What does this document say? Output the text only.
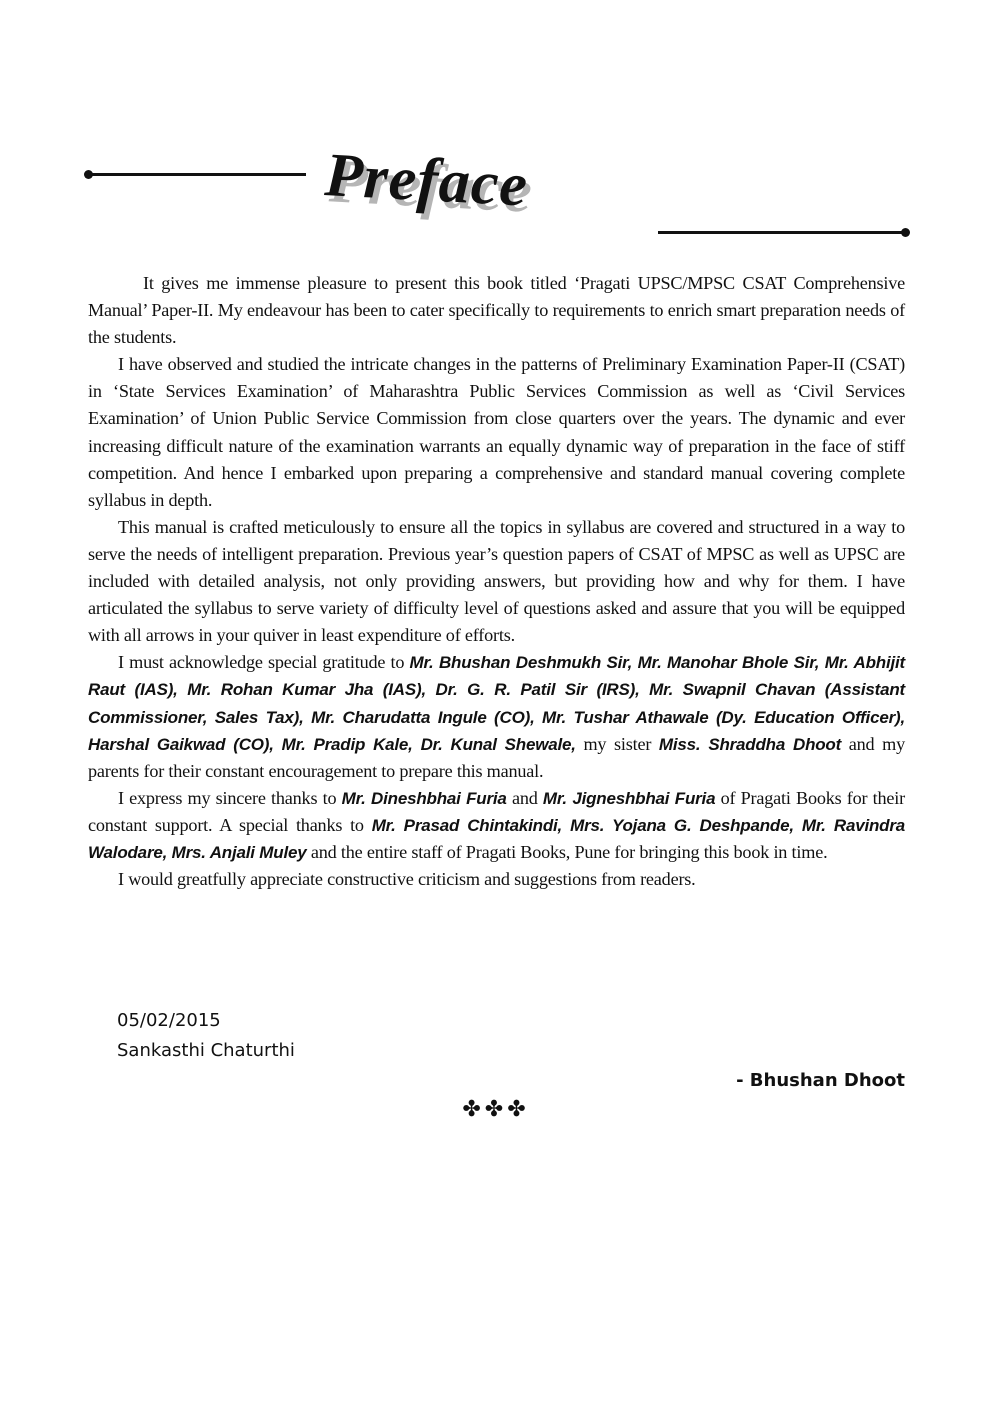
Preface

It gives me immense pleasure to present this book titled ‘Pragati UPSC/MPSC CSAT Comprehensive Manual’ Paper-II. My endeavour has been to cater specifically to requirements to enrich smart preparation needs of the students.

I have observed and studied the intricate changes in the patterns of Preliminary Examination Paper-II (CSAT) in ‘State Services Examination’ of Maharashtra Public Services Commission as well as ‘Civil Services Examination’ of Union Public Service Commission from close quarters over the years. The dynamic and ever increasing difficult nature of the examination warrants an equally dynamic way of preparation in the face of stiff competition. And hence I embarked upon preparing a comprehensive and standard manual covering complete syllabus in depth.

This manual is crafted meticulously to ensure all the topics in syllabus are covered and structured in a way to serve the needs of intelligent preparation. Previous year’s question papers of CSAT of MPSC as well as UPSC are included with detailed analysis, not only providing answers, but providing how and why for them. I have articulated the syllabus to serve variety of difficulty level of questions asked and assure that you will be equipped with all arrows in your quiver in least expenditure of efforts.

I must acknowledge special gratitude to Mr. Bhushan Deshmukh Sir, Mr. Manohar Bhole Sir, Mr. Abhijit Raut (IAS), Mr. Rohan Kumar Jha (IAS), Dr. G. R. Patil Sir (IRS), Mr. Swapnil Chavan (Assistant Commissioner, Sales Tax), Mr. Charudatta Ingule (CO), Mr. Tushar Athawale (Dy. Education Officer), Harshal Gaikwad (CO), Mr. Pradip Kale, Dr. Kunal Shewale, my sister Miss. Shraddha Dhoot and my parents for their constant encouragement to prepare this manual.

I express my sincere thanks to Mr. Dineshbhai Furia and Mr. Jigneshbhai Furia of Pragati Books for their constant support. A special thanks to Mr. Prasad Chintakindi, Mrs. Yojana G. Deshpande, Mr. Ravindra Walodare, Mrs. Anjali Muley and the entire staff of Pragati Books, Pune for bringing this book in time.

I would greatfully appreciate constructive criticism and suggestions from readers.

05/02/2015
Sankasthi Chaturthi
- Bhushan Dhoot
✤✤✤
